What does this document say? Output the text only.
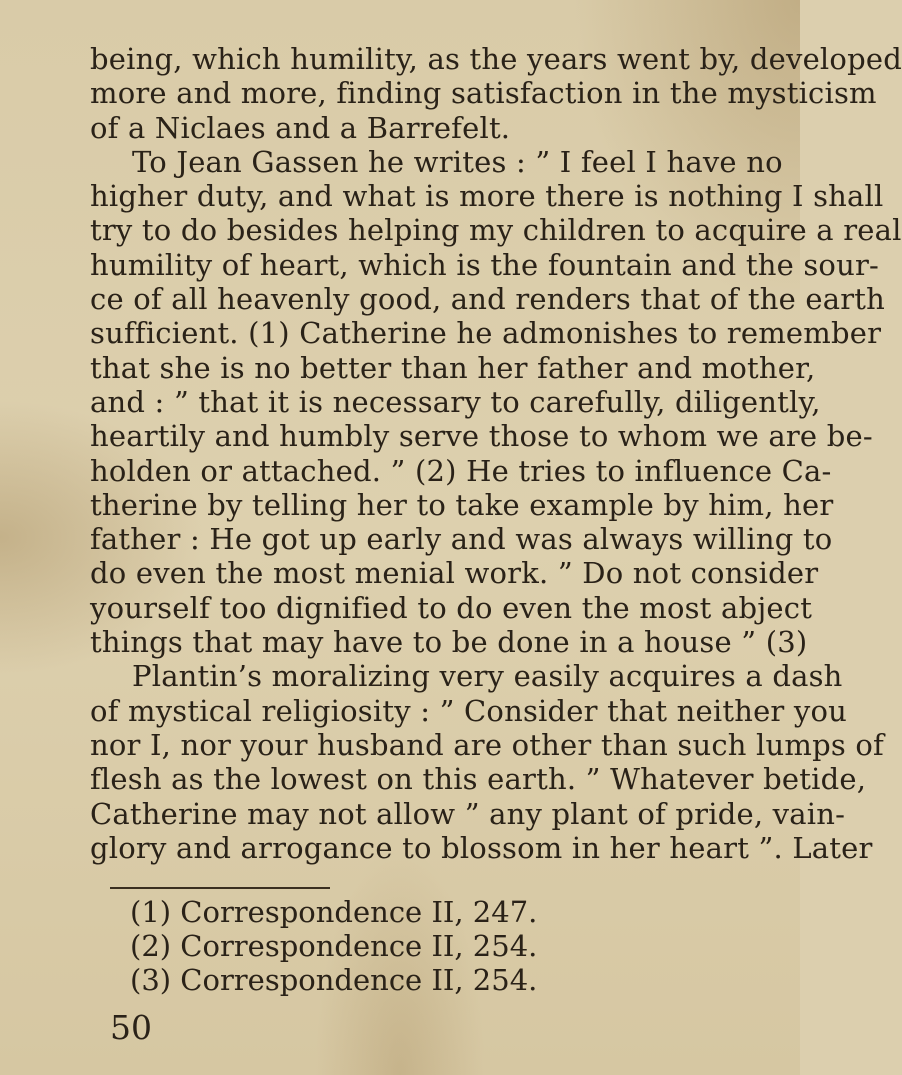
being, which humility, as the years went by, developed
more and more, finding satisfaction in the mysticism
of a Niclaes and a Barrefelt.
To Jean Gassen he writes : ” I feel I have no
higher duty, and what is more there is nothing I shall
try to do besides helping my children to acquire a real
humility of heart, which is the fountain and the sour-
ce of all heavenly good, and renders that of the earth
sufficient. (1) Catherine he admonishes to remember
that she is no better than her father and mother,
and : ” that it is necessary to carefully, diligently,
heartily and humbly serve those to whom we are be-
holden or attached. ” (2) He tries to influence Ca-
therine by telling her to take example by him, her
father : He got up early and was always willing to
do even the most menial work. ” Do not consider
yourself too dignified to do even the most abject
things that may have to be done in a house ” (3)
Plantin’s moralizing very easily acquires a dash
of mystical religiosity : ” Consider that neither you
nor I, nor your husband are other than such lumps of
flesh as the lowest on this earth. ” Whatever betide,
Catherine may not allow ” any plant of pride, vain-
glory and arrogance to blossom in her heart ”. Later
(1) Correspondence II, 247.
(2) Correspondence II, 254.
(3) Correspondence II, 254.
50
